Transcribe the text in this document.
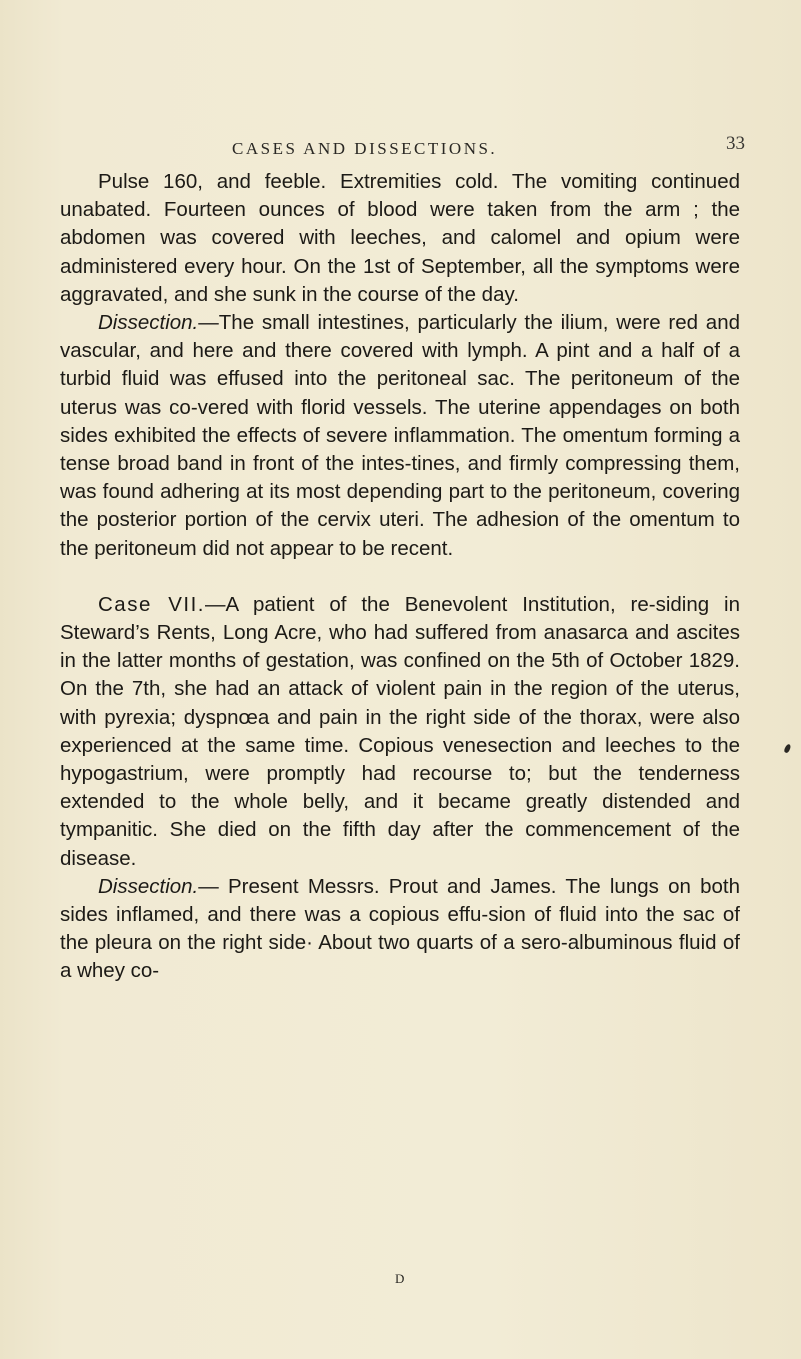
CASES AND DISSECTIONS.	33

Pulse 160, and feeble. Extremities cold. The vomiting continued unabated. Fourteen ounces of blood were taken from the arm ; the abdomen was covered with leeches, and calomel and opium were administered every hour. On the 1st of September, all the symptoms were aggravated, and she sunk in the course of the day.

Dissection.—The small intestines, particularly the ilium, were red and vascular, and here and there covered with lymph. A pint and a half of a turbid fluid was effused into the peritoneal sac. The peritoneum of the uterus was co-vered with florid vessels. The uterine appendages on both sides exhibited the effects of severe inflammation. The omentum forming a tense broad band in front of the intes-tines, and firmly compressing them, was found adhering at its most depending part to the peritoneum, covering the posterior portion of the cervix uteri. The adhesion of the omentum to the peritoneum did not appear to be recent.

Case VII.—A patient of the Benevolent Institution, re-siding in Steward’s Rents, Long Acre, who had suffered from anasarca and ascites in the latter months of gestation, was confined on the 5th of October 1829. On the 7th, she had an attack of violent pain in the region of the uterus, with pyrexia; dyspnœa and pain in the right side of the thorax, were also experienced at the same time. Copious venesection and leeches to the hypogastrium, were promptly had recourse to; but the tenderness extended to the whole belly, and it became greatly distended and tympanitic. She died on the fifth day after the commencement of the disease.

Dissection.— Present Messrs. Prout and James. The lungs on both sides inflamed, and there was a copious effu-sion of fluid into the sac of the pleura on the right side· About two quarts of a sero-albuminous fluid of a whey co-

D
